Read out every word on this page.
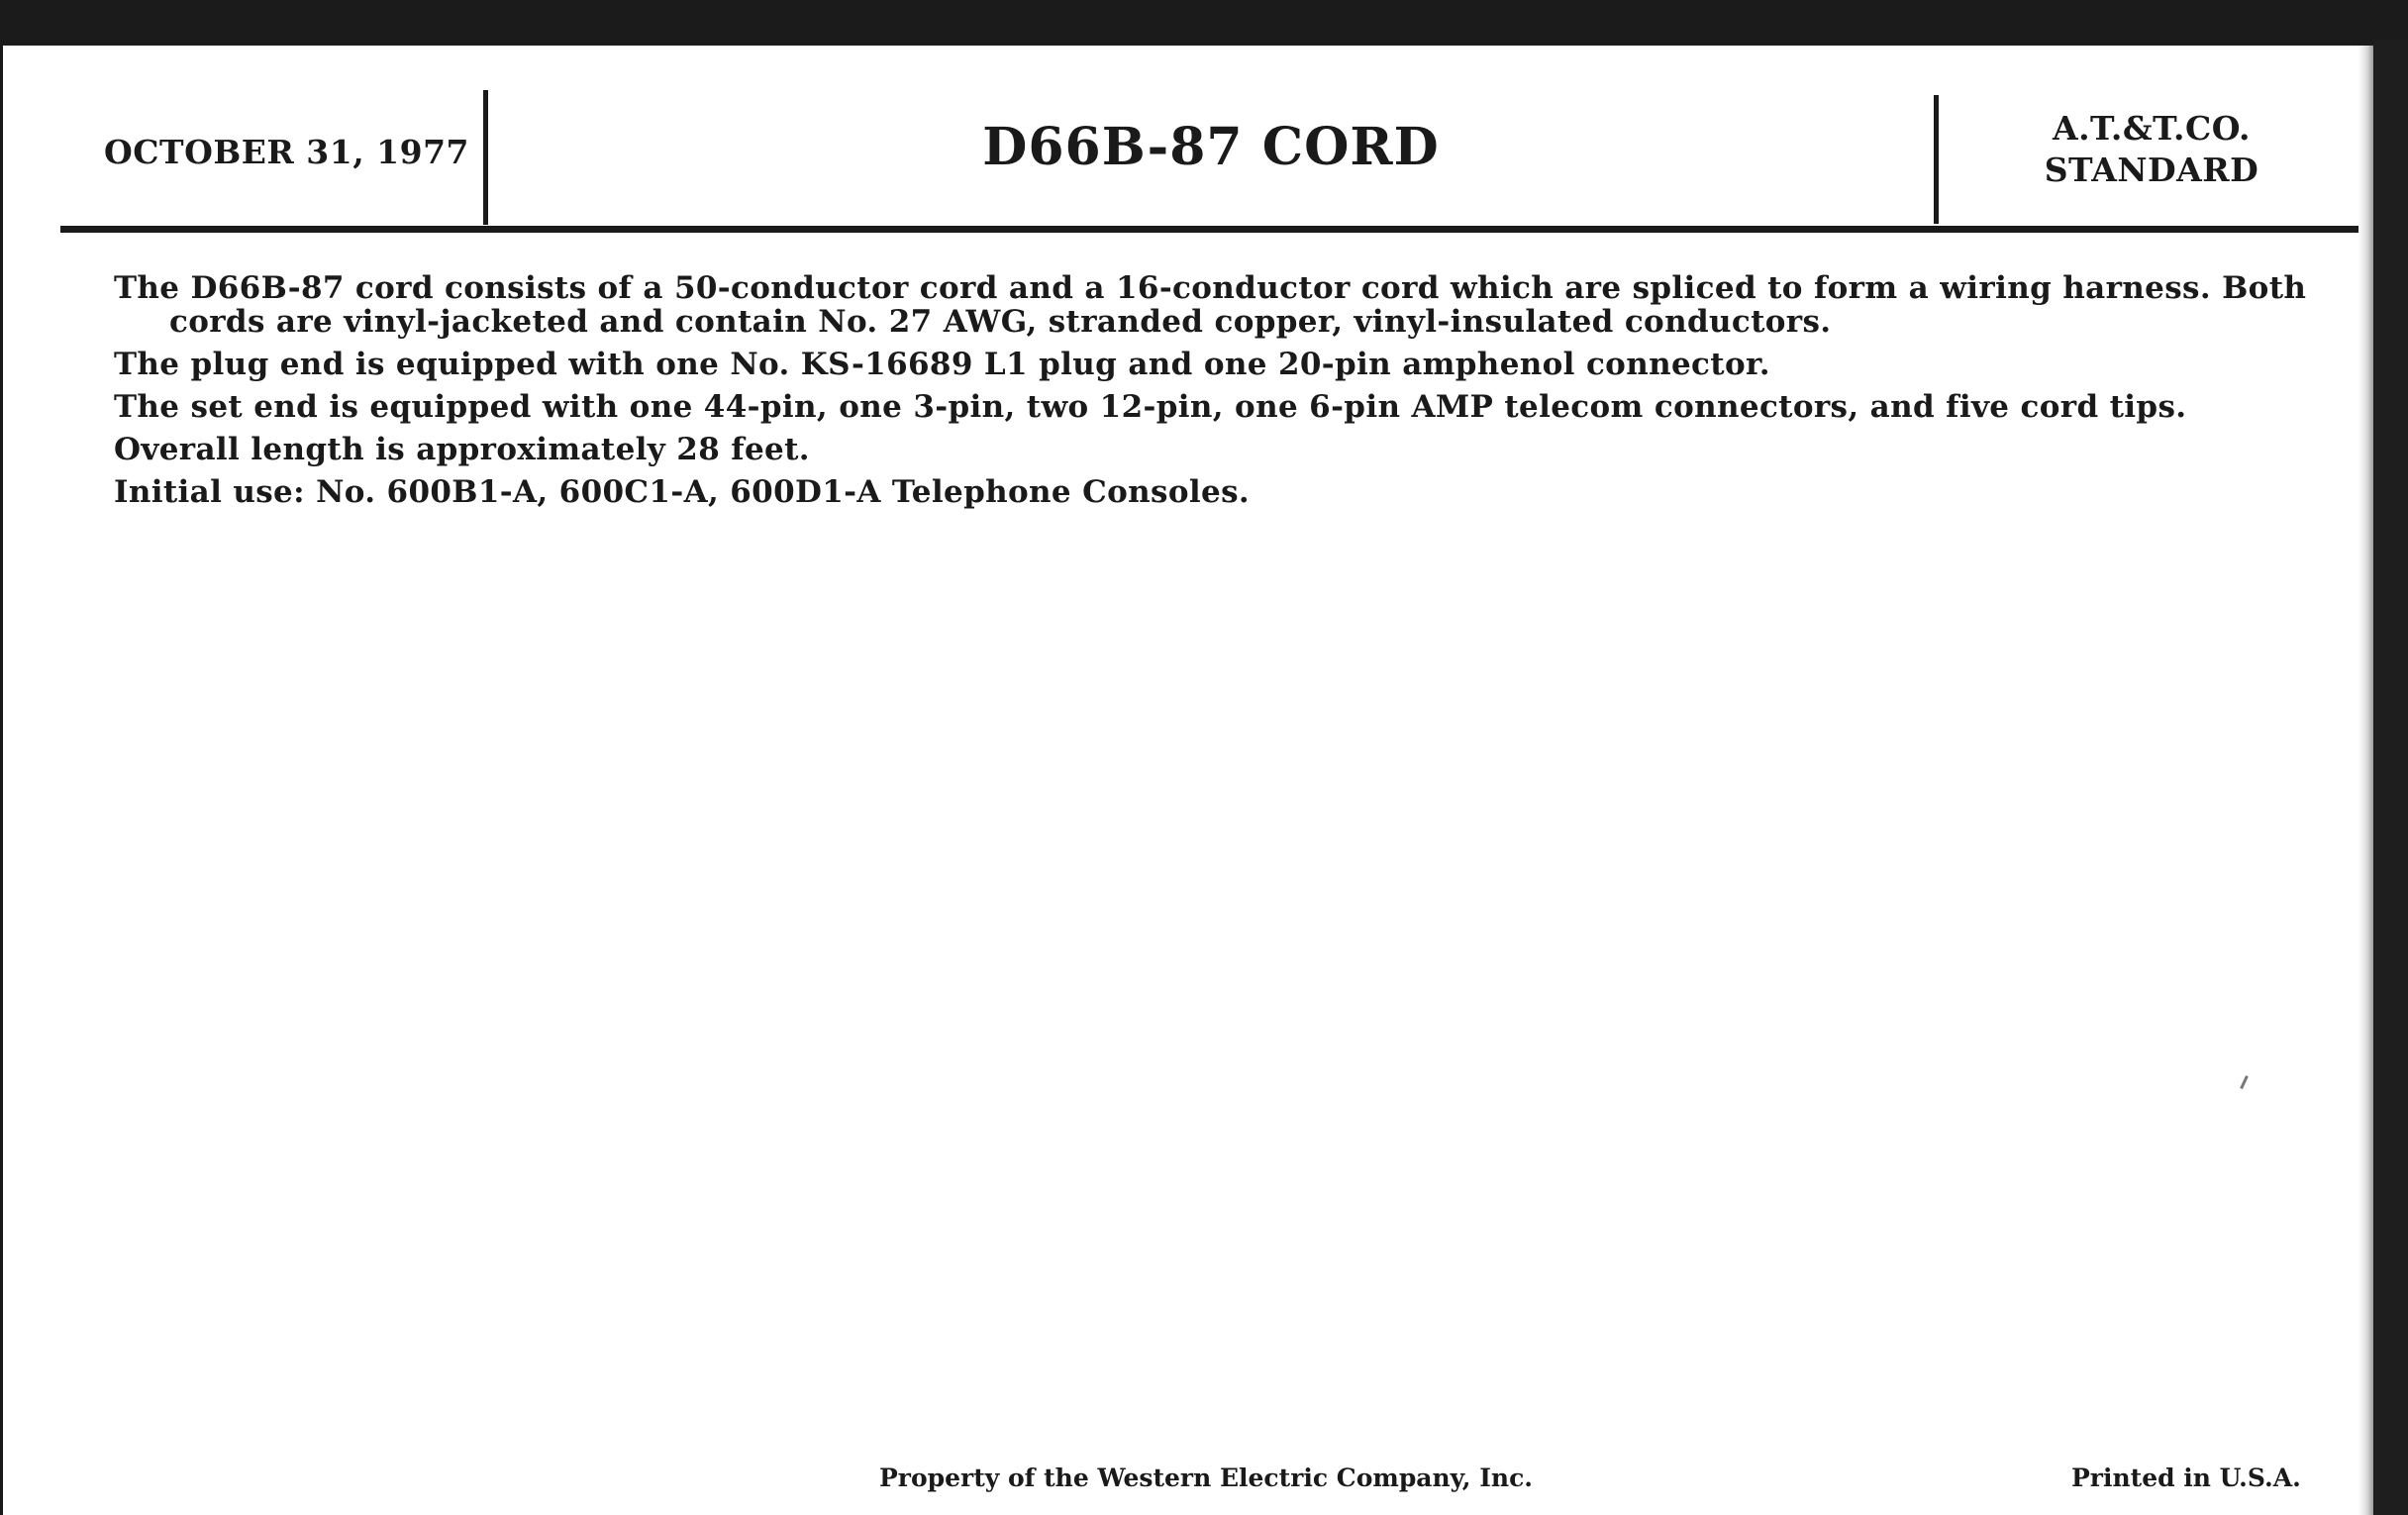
OCTOBER 31, 1977	D66B-87 CORD	A.T.&T.CO.
STANDARD

The D66B-87 cord consists of a 50-conductor cord and a 16-conductor cord which are spliced to form a wiring harness. Both cords are vinyl-jacketed and contain No. 27 AWG, stranded copper, vinyl-insulated conductors.

The plug end is equipped with one No. KS-16689 L1 plug and one 20-pin amphenol connector.

The set end is equipped with one 44-pin, one 3-pin, two 12-pin, one 6-pin AMP telecom connectors, and five cord tips.

Overall length is approximately 28 feet.

Initial use: No. 600B1-A, 600C1-A, 600D1-A Telephone Consoles.

Property of the Western Electric Company, Inc.	Printed in U.S.A.
